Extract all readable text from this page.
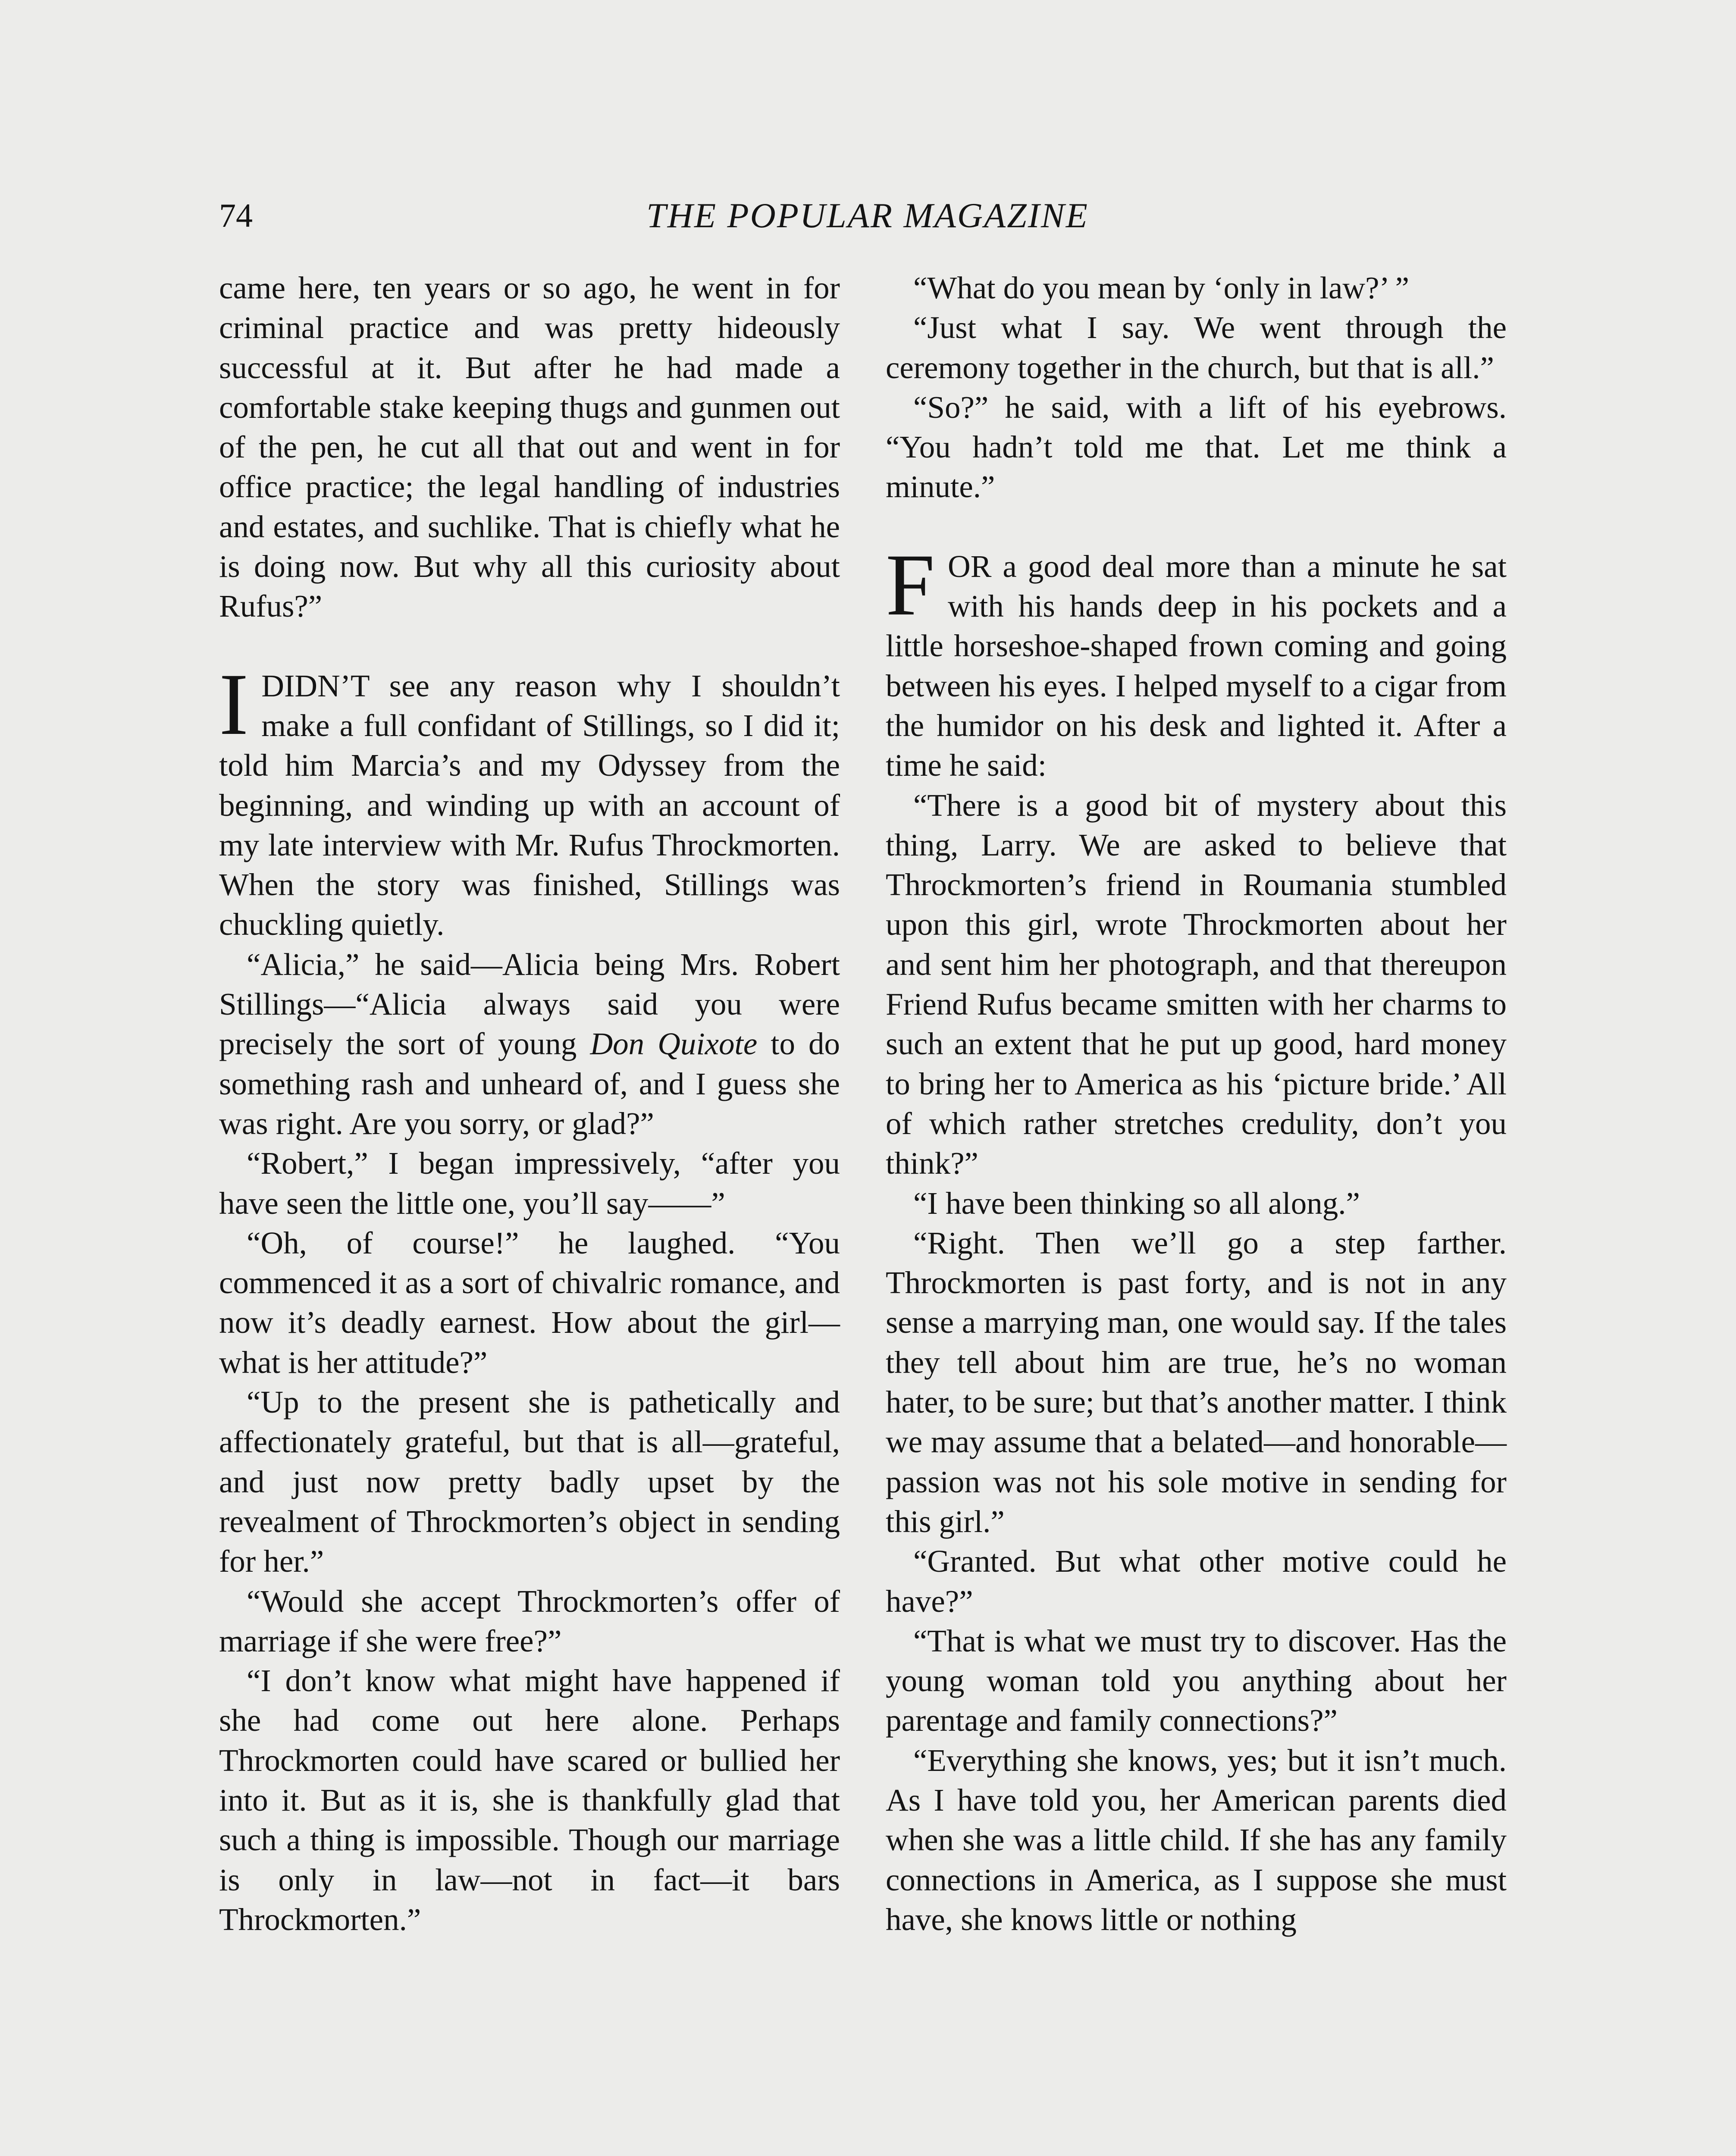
74	THE POPULAR MAGAZINE

came here, ten years or so ago, he went in for criminal practice and was pretty hideously successful at it. But after he had made a comfortable stake keeping thugs and gunmen out of the pen, he cut all that out and went in for office practice; the legal handling of industries and estates, and suchlike. That is chiefly what he is doing now. But why all this curiosity about Rufus?”

IDIDN’T see any reason why I shouldn’t make a full confidant of Stillings, so I did it; told him Marcia’s and my Odyssey from the beginning, and winding up with an account of my late interview with Mr. Rufus Throckmorten. When the story was finished, Stillings was chuckling quietly.

“Alicia,” he said—Alicia being Mrs. Robert Stillings—“Alicia always said you were precisely the sort of young Don Quixote to do something rash and unheard of, and I guess she was right. Are you sorry, or glad?”

“Robert,” I began impressively, “after you have seen the little one, you’ll say——”

“Oh, of course!” he laughed. “You commenced it as a sort of chivalric romance, and now it’s deadly earnest. How about the girl—what is her attitude?”

“Up to the present she is pathetically and affectionately grateful, but that is all—grateful, and just now pretty badly upset by the revealment of Throckmorten’s object in sending for her.”

“Would she accept Throckmorten’s offer of marriage if she were free?”

“I don’t know what might have happened if she had come out here alone. Perhaps Throckmorten could have scared or bullied her into it. But as it is, she is thankfully glad that such a thing is impossible. Though our marriage is only in law—not in fact—it bars Throckmorten.”

“What do you mean by ‘only in law?’ ”

“Just what I say. We went through the ceremony together in the church, but that is all.”

“So?” he said, with a lift of his eyebrows. “You hadn’t told me that. Let me think a minute.”

FOR a good deal more than a minute he sat with his hands deep in his pockets and a little horseshoe-shaped frown coming and going between his eyes. I helped myself to a cigar from the humidor on his desk and lighted it. After a time he said:

“There is a good bit of mystery about this thing, Larry. We are asked to believe that Throckmorten’s friend in Roumania stumbled upon this girl, wrote Throckmorten about her and sent him her photograph, and that thereupon Friend Rufus became smitten with her charms to such an extent that he put up good, hard money to bring her to America as his ‘picture bride.’ All of which rather stretches credulity, don’t you think?”

“I have been thinking so all along.”

“Right. Then we’ll go a step farther. Throckmorten is past forty, and is not in any sense a marrying man, one would say. If the tales they tell about him are true, he’s no woman hater, to be sure; but that’s another matter. I think we may assume that a belated—and honorable—passion was not his sole motive in sending for this girl.”

“Granted. But what other motive could he have?”

“That is what we must try to discover. Has the young woman told you anything about her parentage and family connections?”

“Everything she knows, yes; but it isn’t much. As I have told you, her American parents died when she was a little child. If she has any family connections in America, as I suppose she must have, she knows little or nothing
